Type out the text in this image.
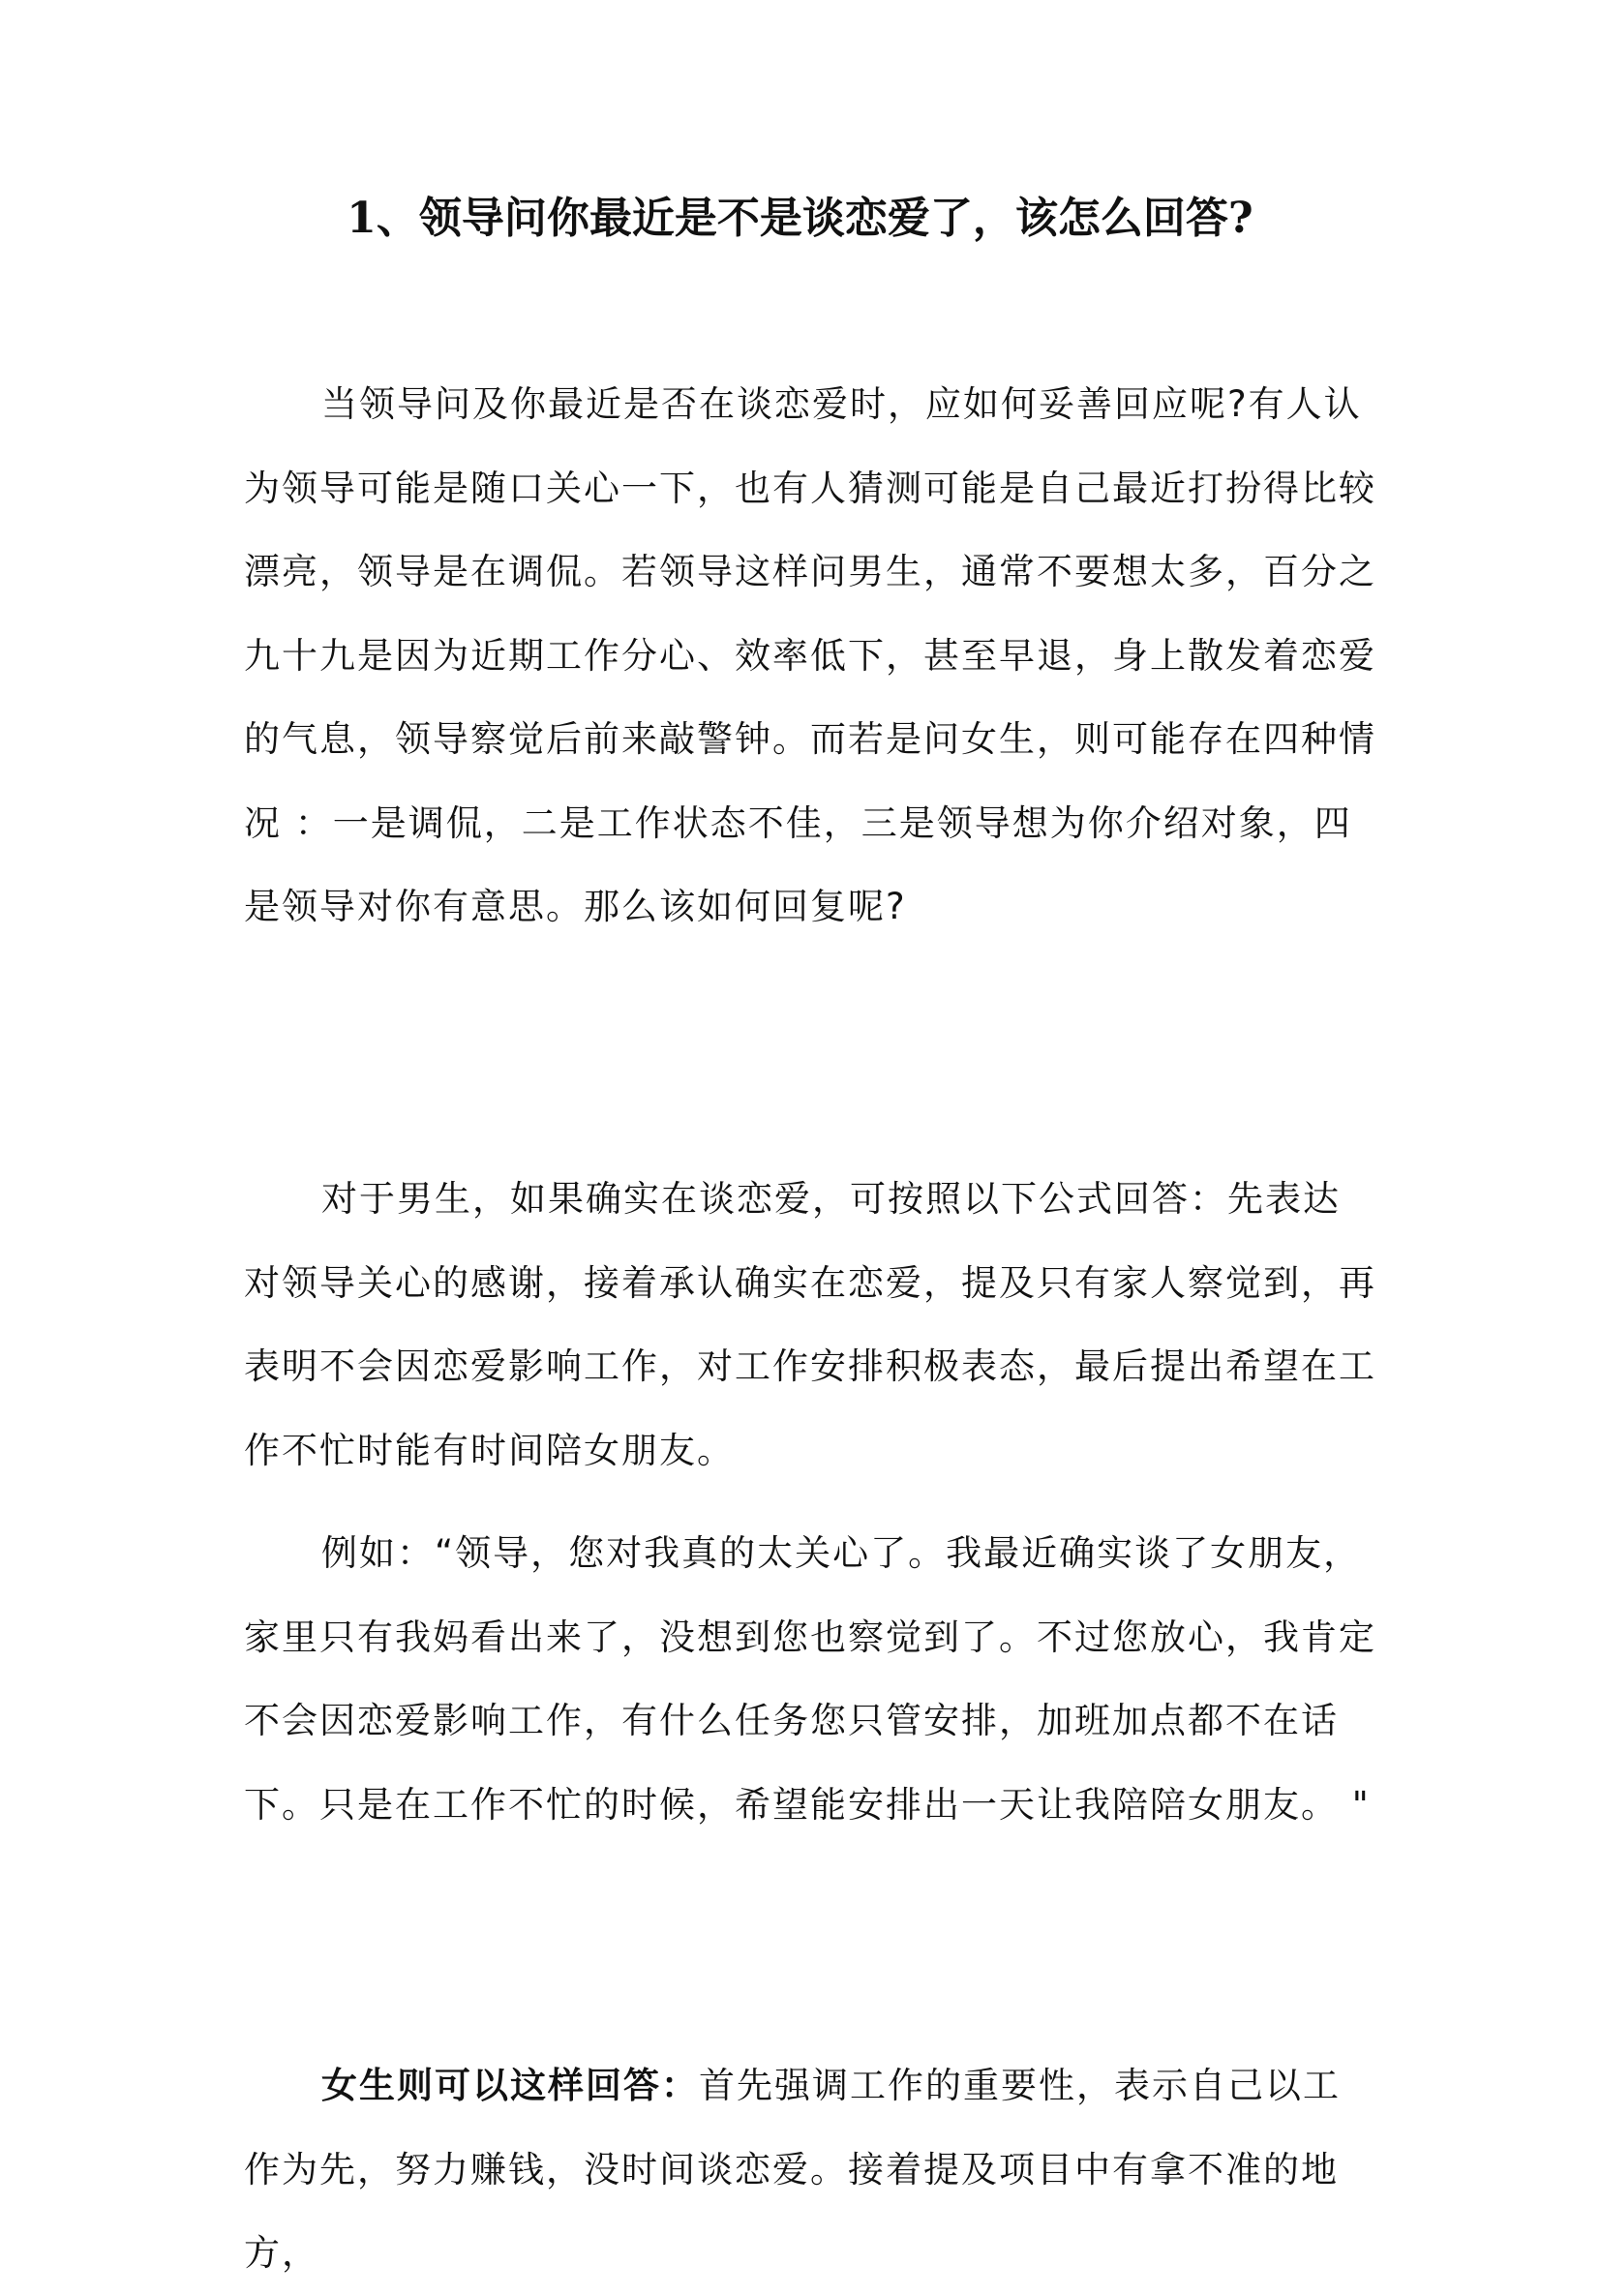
1、领导问你最近是不是谈恋爱了，该怎么回答?

当领导问及你最近是否在谈恋爱时，应如何妥善回应呢?有人认为领导可能是随口关心一下，也有人猜测可能是自己最近打扮得比较漂亮，领导是在调侃。若领导这样问男生，通常不要想太多，百分之九十九是因为近期工作分心、效率低下，甚至早退，身上散发着恋爱的气息，领导察觉后前来敲警钟。而若是问女生，则可能存在四种情况 ：一是调侃，二是工作状态不佳，三是领导想为你介绍对象，四是领导对你有意思。那么该如何回复呢?

对于男生，如果确实在谈恋爱，可按照以下公式回答：先表达对领导关心的感谢，接着承认确实在恋爱，提及只有家人察觉到，再表明不会因恋爱影响工作，对工作安排积极表态，最后提出希望在工作不忙时能有时间陪女朋友。

例如：“领导，您对我真的太关心了。我最近确实谈了女朋友，家里只有我妈看出来了，没想到您也察觉到了。不过您放心，我肯定不会因恋爱影响工作，有什么任务您只管安排，加班加点都不在话下。只是在工作不忙的时候，希望能安排出一天让我陪陪女朋友。 "

女生则可以这样回答：首先强调工作的重要性，表示自己以工作为先，努力赚钱，没时间谈恋爱。接着提及项目中有拿不准的地方，
